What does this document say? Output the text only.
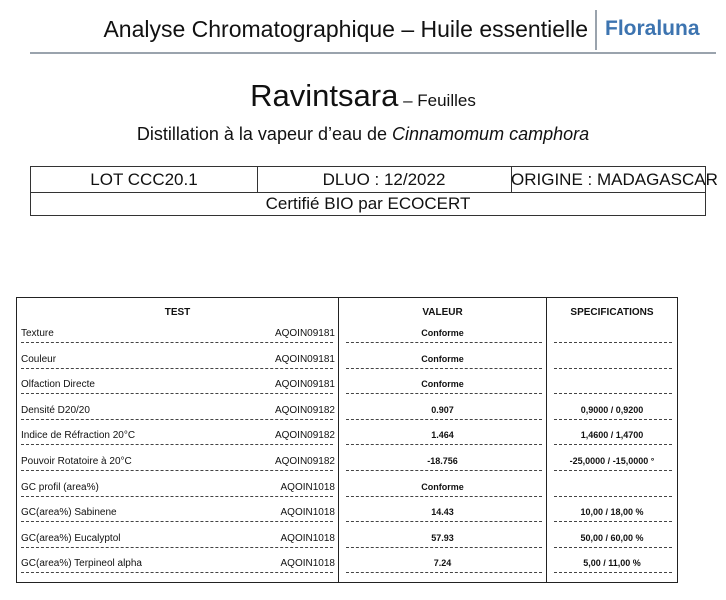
Analyse Chromatographique – Huile essentielle Floraluna
Ravintsara – Feuilles
Distillation à la vapeur d’eau de Cinnamomum camphora
LOT CCC20.1	DLUO : 12/2022	ORIGINE : MADAGASCAR
Certifié BIO par ECOCERT
TEST	VALEUR	SPECIFICATIONS
Texture	AQOIN09181	Conforme
Couleur	AQOIN09181	Conforme
Olfaction Directe	AQOIN09181	Conforme
Densité D20/20	AQOIN09182	0.907	0,9000 / 0,9200
Indice de Réfraction 20°C	AQOIN09182	1.464	1,4600 / 1,4700
Pouvoir Rotatoire à 20°C	AQOIN09182	-18.756	-25,0000 / -15,0000 °
GC profil (area%)	AQOIN1018	Conforme
GC(area%) Sabinene	AQOIN1018	14.43	10,00 / 18,00 %
GC(area%) Eucalyptol	AQOIN1018	57.93	50,00 / 60,00 %
GC(area%) Terpineol alpha	AQOIN1018	7.24	5,00 / 11,00 %
